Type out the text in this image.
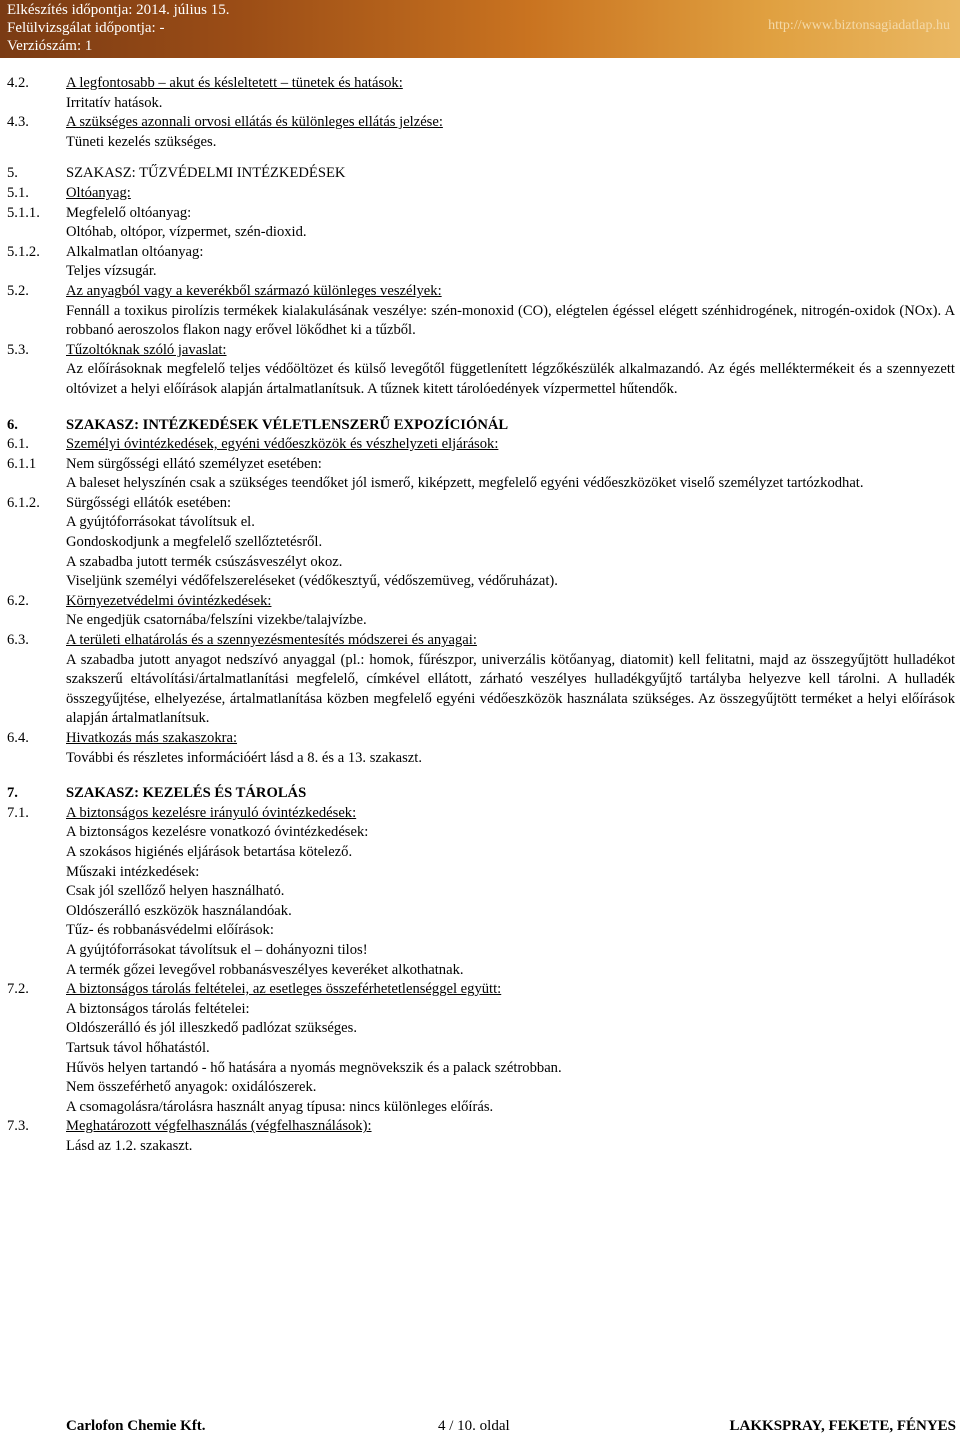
Elkészítés időpontja: 2014. július 15.
Felülvizsgálat időpontja: -
Verziószám: 1
http://www.biztonsagiadatlap.hu
4.2.	A legfontosabb – akut és késleltetett – tünetek és hatások:
Irritatív hatások.
4.3.	A szükséges azonnali orvosi ellátás és különleges ellátás jelzése:
Tüneti kezelés szükséges.
5.	SZAKASZ: TŰZVÉDELMI INTÉZKEDÉSEK
5.1.	Oltóanyag:
5.1.1. Megfelelő oltóanyag:
Oltóhab, oltópor, vízpermet, szén-dioxid.
5.1.2. Alkalmatlan oltóanyag:
Teljes vízsugár.
5.2.	Az anyagból vagy a keverékből származó különleges veszélyek:
Fennáll a toxikus pirolízis termékek kialakulásának veszélye: szén-monoxid (CO), elégtelen égéssel elégett szénhidrogének, nitrogén-oxidok (NOx). A robbanó aeroszolos flakon nagy erővel lökődhet ki a tűzből.
5.3.	Tűzoltóknak szóló javaslat:
Az előírásoknak megfelelő teljes védőöltözet és külső levegőtől függetlenített légzőkészülék alkalmazandó. Az égés melléktermékeit és a szennyezett oltóvizet a helyi előírások alapján ártalmatlanítsuk. A tűznek kitett tárolóedények vízpermettel hűtendők.
6.	SZAKASZ: INTÉZKEDÉSEK VÉLETLENSZERŰ EXPOZÍCIÓNÁL
6.1.	Személyi óvintézkedések, egyéni védőeszközök és vészhelyzeti eljárások:
6.1.1 Nem sürgősségi ellátó személyzet esetében:
A baleset helyszínén csak a szükséges teendőket jól ismerő, kiképzett, megfelelő egyéni védőeszközöket viselő személyzet tartózkodhat.
6.1.2. Sürgősségi ellátók esetében:
A gyújtóforrásokat távolítsuk el.
Gondoskodjunk a megfelelő szellőztetésről.
A szabadba jutott termék csúszásveszélyt okoz.
Viseljünk személyi védőfelszereléseket (védőkesztyű, védőszemüveg, védőruházat).
6.2.	Környezetvédelmi óvintézkedések:
Ne engedjük csatornába/felszíni vizekbe/talajvízbe.
6.3.	A területi elhatárolás és a szennyezésmentesítés módszerei és anyagai:
A szabadba jutott anyagot nedszívó anyaggal (pl.: homok, fűrészpor, univerzális kötőanyag, diatomit) kell felitatni, majd az összegyűjtött hulladékot szakszerű eltávolítási/ártalmatlanítási megfelelő, címkével ellátott, zárható veszélyes hulladékgyűjtő tartályba helyezve kell tárolni. A hulladék összegyűjtése, elhelyezése, ártalmatlanítása közben megfelelő egyéni védőeszközök használata szükséges. Az összegyűjtött terméket a helyi előírások alapján ártalmatlanítsuk.
6.4.	Hivatkozás más szakaszokra:
További és részletes információért lásd a 8. és a 13. szakaszt.
7.	SZAKASZ: KEZELÉS ÉS TÁROLÁS
7.1.	A biztonságos kezelésre irányuló óvintézkedések:
A biztonságos kezelésre vonatkozó óvintézkedések:
A szokásos higiénés eljárások betartása kötelező.
Műszaki intézkedések:
Csak jól szellőző helyen használható.
Oldószerálló eszközök használandóak.
Tűz- és robbanásvédelmi előírások:
A gyújtóforrásokat távolítsuk el – dohányozni tilos!
A termék gőzei levegővel robbanásveszélyes keveréket alkothatnak.
7.2.	A biztonságos tárolás feltételei, az esetleges összeférhetetlenséggel együtt:
A biztonságos tárolás feltételei:
Oldószerálló és jól illeszkedő padlózat szükséges.
Tartsuk távol hőhatástól.
Hűvös helyen tartandó - hő hatására a nyomás megnövekszik és a palack szétrobban.
Nem összeférhető anyagok: oxidálószerek.
A csomagolásra/tárolásra használt anyag típusa: nincs különleges előírás.
7.3.	Meghatározott végfelhasználás (végfelhasználások):
Lásd az 1.2. szakaszt.
Carlofon Chemie Kft.	4 / 10. oldal	LAKKSPRAY, FEKETE, FÉNYES
